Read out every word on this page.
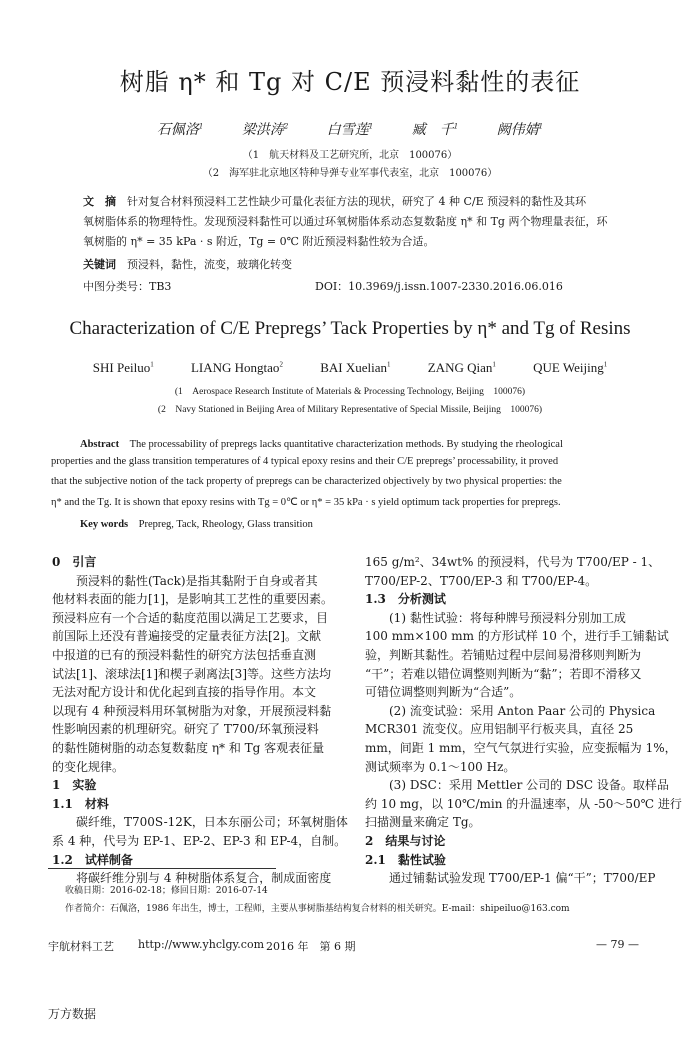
树脂 η* 和 Tg 对 C/E 预浸料黏性的表征
石佩洛$^1$	梁洪涛$^2$	白雪莲$^1$	臧　千$^1$	阙伟婧$^1$
（1　航天材料及工艺研究所，北京　100076）
（2　海军驻北京地区特种导弹专业军事代表室，北京　100076）
文　摘　 针对复合材料预浸料工艺性缺少可量化表征方法的现状，研究了 4 种 C/E 预浸料的黏性及其环
氧树脂体系的物理特性。发现预浸料黏性可以通过环氧树脂体系动态复数黏度 η* 和 Tg 两个物理量表征，环
氧树脂的 η* = 35 kPa · s 附近，Tg = 0℃ 附近预浸料黏性较为合适。
关键词　 预浸料，黏性，流变，玻璃化转变
中图分类号：TB3	DOI：10.3969/j.issn.1007-2330.2016.06.016
Characterization of C/E Prepregs’ Tack Properties by η* and Tg of Resins
SHI Peiluo$^1$	LIANG Hongtao$^2$	BAI Xuelian$^1$	ZANG Qian$^1$	QUE Weijing$^1$
(1　Aerospace Research Institute of Materials & Processing Technology, Beijing　100076)
(2　Navy Stationed in Beijing Area of Military Representative of Special Missile, Beijing　100076)
Abstract　 The processability of prepregs lacks quantitative characterization methods. By studying the rheological
properties and the glass transition temperatures of 4 typical epoxy resins and their C/E prepregs’ processability, it proved
that the subjective notion of the tack property of prepregs can be characterized objectively by two physical properties: the
η* and the Tg. It is shown that epoxy resins with Tg = 0℃ or η* = 35 kPa · s yield optimum tack properties for prepregs.
Key words　 Prepreg, Tack, Rheology, Glass transition
0　引言
　　预浸料的黏性(Tack)是指其黏附于自身或者其
他材料表面的能力[1]，是影响其工艺性的重要因素。
预浸料应有一个合适的黏度范围以满足工艺要求，目
前国际上还没有普遍接受的定量表征方法[2]。文献
中报道的已有的预浸料黏性的研究方法包括垂直测
试法[1]、滚球法[1]和楔子剥离法[3]等。这些方法均
无法对配方设计和优化起到直接的指导作用。本文
以现有 4 种预浸料用环氧树脂为对象，开展预浸料黏
性影响因素的机理研究。研究了 T700/环氧预浸料
的黏性随树脂的动态复数黏度 η* 和 Tg 客观表征量
的变化规律。
1　实验
1.1　材料
　　碳纤维，T700S-12K，日本东丽公司；环氧树脂体
系 4 种，代号为 EP-1、EP-2、EP-3 和 EP-4，自制。
1.2　试样制备
　　将碳纤维分别与 4 种树脂体系复合，制成面密度
165 g/m²、34wt% 的预浸料，代号为 T700/EP - 1、
T700/EP-2、T700/EP-3 和 T700/EP-4。
1.3　分析测试
　　(1) 黏性试验：将每种牌号预浸料分别加工成
100 mm×100 mm 的方形试样 10 个，进行手工铺黏试
验，判断其黏性。若铺贴过程中层间易滑移则判断为
“干”；若难以错位调整则判断为“黏”；若即不滑移又
可错位调整则判断为“合适”。
　　(2) 流变试验：采用 Anton Paar 公司的 Physica
MCR301 流变仪。应用铝制平行板夹具，直径 25
mm，间距 1 mm，空气气氛进行实验，应变振幅为 1%，
测试频率为 0.1～100 Hz。
　　(3) DSC：采用 Mettler 公司的 DSC 设备。取样品
约 10 mg，以 10℃/min 的升温速率，从 -50～50℃ 进行
扫描测量来确定 Tg。
2　结果与讨论
2.1　黏性试验
　　通过铺黏试验发现 T700/EP-1 偏“干”；T700/EP
收稿日期：2016-02-18；修回日期：2016-07-14
作者简介：石佩洛，1986 年出生，博士，工程师，主要从事树脂基结构复合材料的相关研究。E-mail：shipeiluo@163.com
宇航材料工艺 http://www.yhclgy.com 2016 年　第 6 期	— 79 —
万方数据
